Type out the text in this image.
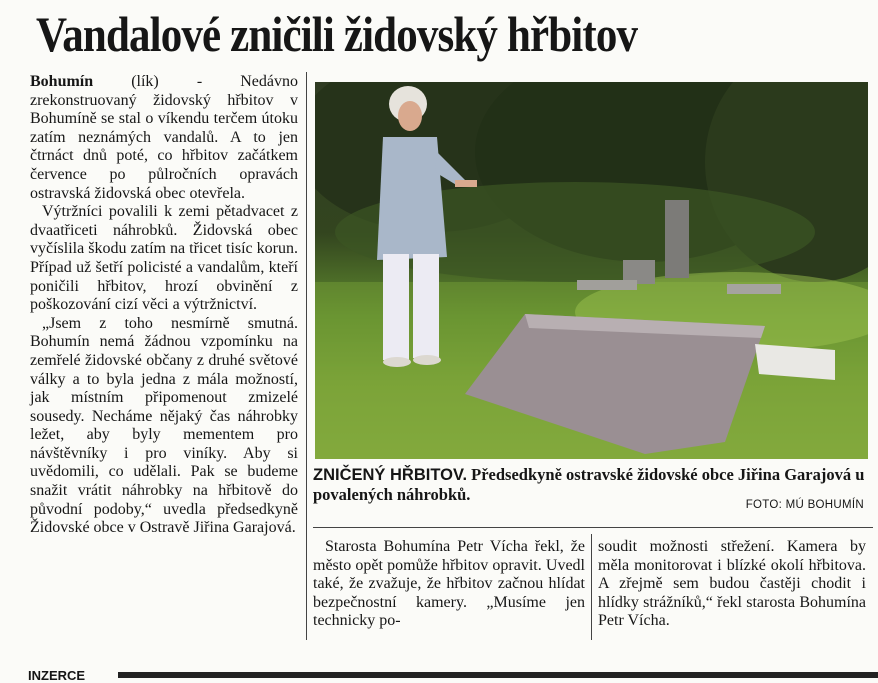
Vandalové zničili židovský hřbitov

Bohumín (lík) - Nedávno zrekonstruovaný židovský hřbitov v Bohumíně se stal o víkendu terčem útoku zatím neznámých vandalů. A to jen čtrnáct dnů poté, co hřbitov začátkem července po půlročních opravách ostravská židovská obec otevřela.

Výtržníci povalili k zemi pětadvacet z dvaatřiceti náhrobků. Židovská obec vyčíslila škodu zatím na třicet tisíc korun. Případ už šetří policisté a vandalům, kteří poničili hřbitov, hrozí obvinění z poškozování cizí věci a výtržnictví.

„Jsem z toho nesmírně smutná. Bohumín nemá žádnou vzpomínku na zemřelé židovské občany z druhé světové války a to byla jedna z mála možností, jak místním připomenout zmizelé sousedy. Necháme nějaký čas náhrobky ležet, aby byly mementem pro návštěvníky i pro viníky. Aby si uvědomili, co udělali. Pak se budeme snažit vrátit náhrobky na hřbitově do původní podoby,“ uvedla předsedkyně Židovské obce v Ostravě Jiřina Garajová.

ZNIČENÝ HŘBITOV. Předsedkyně ostravské židovské obce Jiřina Garajová u povalených náhrobků.
FOTO: MÚ BOHUMÍN

Starosta Bohumína Petr Vícha řekl, že město opět pomůže hřbitov opravit. Uvedl také, že zvažuje, že hřbitov začnou hlídat bezpečnostní kamery. „Musíme jen technicky po-

soudit možnosti střežení. Kamera by měla monitorovat i blízké okolí hřbitova. A zřejmě sem budou častěji chodit i hlídky strážníků,“ řekl starosta Bohumína Petr Vícha.

INZERCE
